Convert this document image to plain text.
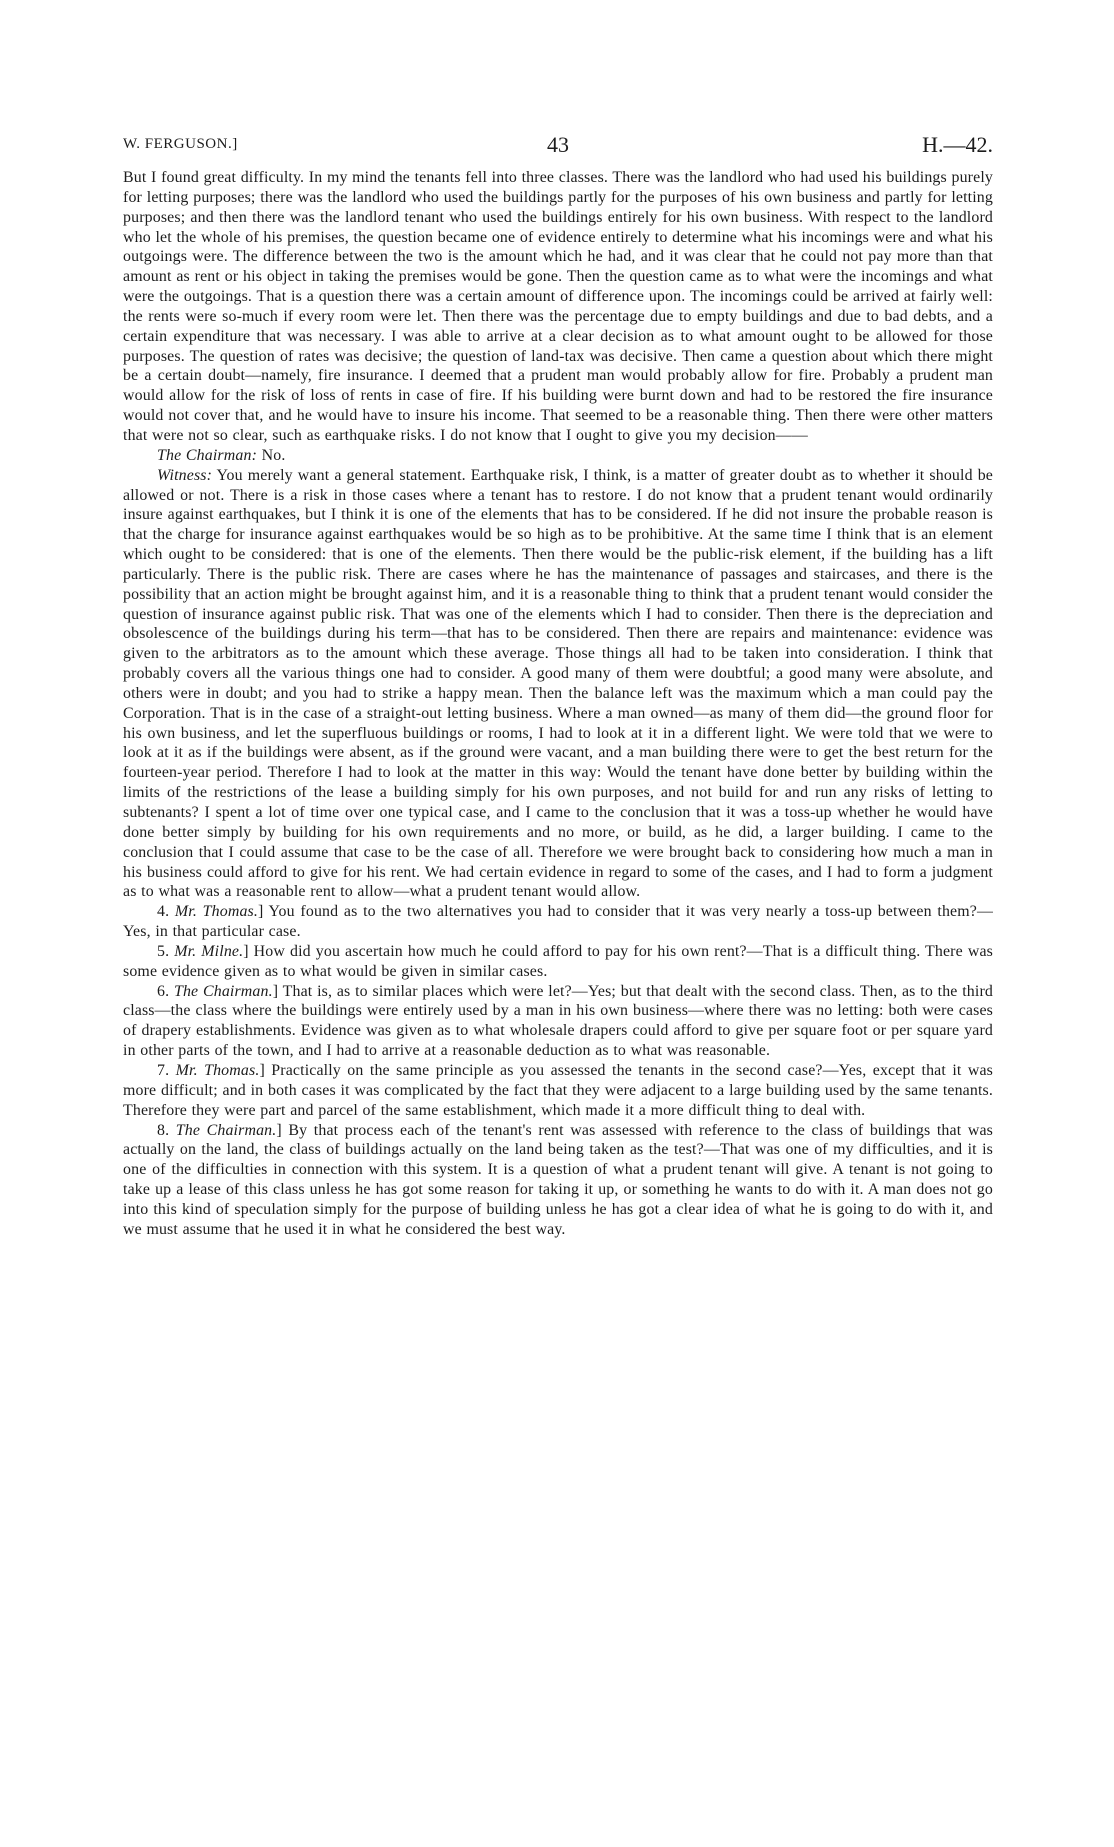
W. FERGUSON.]	43	H.—42.

But I found great difficulty. In my mind the tenants fell into three classes. There was the landlord who had used his buildings purely for letting purposes; there was the landlord who used the buildings partly for the purposes of his own business and partly for letting purposes; and then there was the landlord tenant who used the buildings entirely for his own business. With respect to the landlord who let the whole of his premises, the question became one of evidence entirely to determine what his incomings were and what his outgoings were. The difference between the two is the amount which he had, and it was clear that he could not pay more than that amount as rent or his object in taking the premises would be gone. Then the question came as to what were the incomings and what were the outgoings. That is a question there was a certain amount of difference upon. The incomings could be arrived at fairly well: the rents were so-much if every room were let. Then there was the percentage due to empty buildings and due to bad debts, and a certain expenditure that was necessary. I was able to arrive at a clear decision as to what amount ought to be allowed for those purposes. The question of rates was decisive; the question of land-tax was decisive. Then came a question about which there might be a certain doubt—namely, fire insurance. I deemed that a prudent man would probably allow for fire. Probably a prudent man would allow for the risk of loss of rents in case of fire. If his building were burnt down and had to be restored the fire insurance would not cover that, and he would have to insure his income. That seemed to be a reasonable thing. Then there were other matters that were not so clear, such as earthquake risks. I do not know that I ought to give you my decision——

The Chairman: No.

Witness: You merely want a general statement. Earthquake risk, I think, is a matter of greater doubt as to whether it should be allowed or not. There is a risk in those cases where a tenant has to restore. I do not know that a prudent tenant would ordinarily insure against earthquakes, but I think it is one of the elements that has to be considered. If he did not insure the probable reason is that the charge for insurance against earthquakes would be so high as to be prohibitive. At the same time I think that is an element which ought to be considered: that is one of the elements. Then there would be the public-risk element, if the building has a lift particularly. There is the public risk. There are cases where he has the maintenance of passages and staircases, and there is the possibility that an action might be brought against him, and it is a reasonable thing to think that a prudent tenant would consider the question of insurance against public risk. That was one of the elements which I had to consider. Then there is the depreciation and obsolescence of the buildings during his term—that has to be considered. Then there are repairs and maintenance: evidence was given to the arbitrators as to the amount which these average. Those things all had to be taken into consideration. I think that probably covers all the various things one had to consider. A good many of them were doubtful; a good many were absolute, and others were in doubt; and you had to strike a happy mean. Then the balance left was the maximum which a man could pay the Corporation. That is in the case of a straight-out letting business. Where a man owned—as many of them did—the ground floor for his own business, and let the superfluous buildings or rooms, I had to look at it in a different light. We were told that we were to look at it as if the buildings were absent, as if the ground were vacant, and a man building there were to get the best return for the fourteen-year period. Therefore I had to look at the matter in this way: Would the tenant have done better by building within the limits of the restrictions of the lease a building simply for his own purposes, and not build for and run any risks of letting to subtenants? I spent a lot of time over one typical case, and I came to the conclusion that it was a toss-up whether he would have done better simply by building for his own requirements and no more, or build, as he did, a larger building. I came to the conclusion that I could assume that case to be the case of all. Therefore we were brought back to considering how much a man in his business could afford to give for his rent. We had certain evidence in regard to some of the cases, and I had to form a judgment as to what was a reasonable rent to allow—what a prudent tenant would allow.

4. Mr. Thomas.] You found as to the two alternatives you had to consider that it was very nearly a toss-up between them?—Yes, in that particular case.

5. Mr. Milne.] How did you ascertain how much he could afford to pay for his own rent?—That is a difficult thing. There was some evidence given as to what would be given in similar cases.

6. The Chairman.] That is, as to similar places which were let?—Yes; but that dealt with the second class. Then, as to the third class—the class where the buildings were entirely used by a man in his own business—where there was no letting: both were cases of drapery establishments. Evidence was given as to what wholesale drapers could afford to give per square foot or per square yard in other parts of the town, and I had to arrive at a reasonable deduction as to what was reasonable.

7. Mr. Thomas.] Practically on the same principle as you assessed the tenants in the second case?—Yes, except that it was more difficult; and in both cases it was complicated by the fact that they were adjacent to a large building used by the same tenants. Therefore they were part and parcel of the same establishment, which made it a more difficult thing to deal with.

8. The Chairman.] By that process each of the tenant's rent was assessed with reference to the class of buildings that was actually on the land, the class of buildings actually on the land being taken as the test?—That was one of my difficulties, and it is one of the difficulties in connection with this system. It is a question of what a prudent tenant will give. A tenant is not going to take up a lease of this class unless he has got some reason for taking it up, or something he wants to do with it. A man does not go into this kind of speculation simply for the purpose of building unless he has got a clear idea of what he is going to do with it, and we must assume that he used it in what he considered the best way.
